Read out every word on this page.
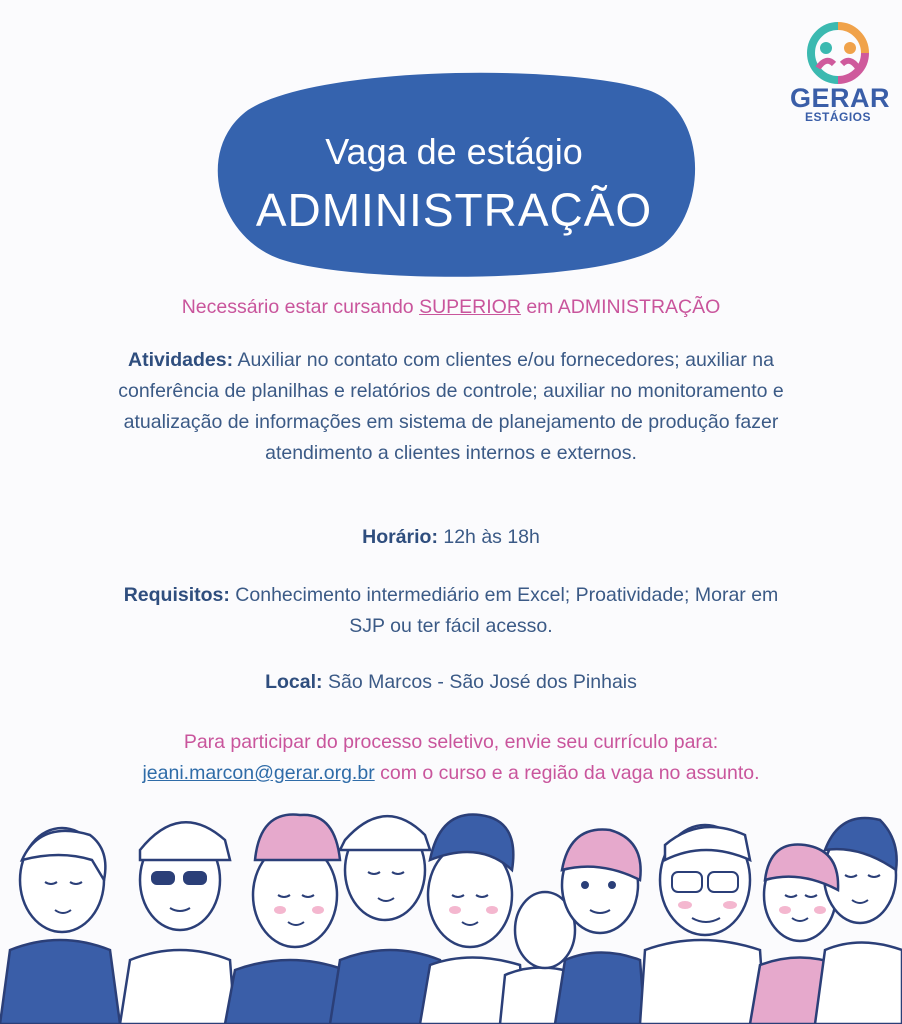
GERAR
ESTÁGIOS
Vaga de estágio
ADMINISTRAÇÃO
Necessário estar cursando SUPERIOR em ADMINISTRAÇÃO
Atividades: Auxiliar no contato com clientes e/ou fornecedores; auxiliar na conferência de planilhas e relatórios de controle; auxiliar no monitoramento e atualização de informações em sistema de planejamento de produção fazer atendimento a clientes internos e externos.
Horário: 12h às 18h
Requisitos: Conhecimento intermediário em Excel; Proatividade; Morar em SJP ou ter fácil acesso.
Local: São Marcos - São José dos Pinhais
Para participar do processo seletivo, envie seu currículo para: jeani.marcon@gerar.org.br com o curso e a região da vaga no assunto.
